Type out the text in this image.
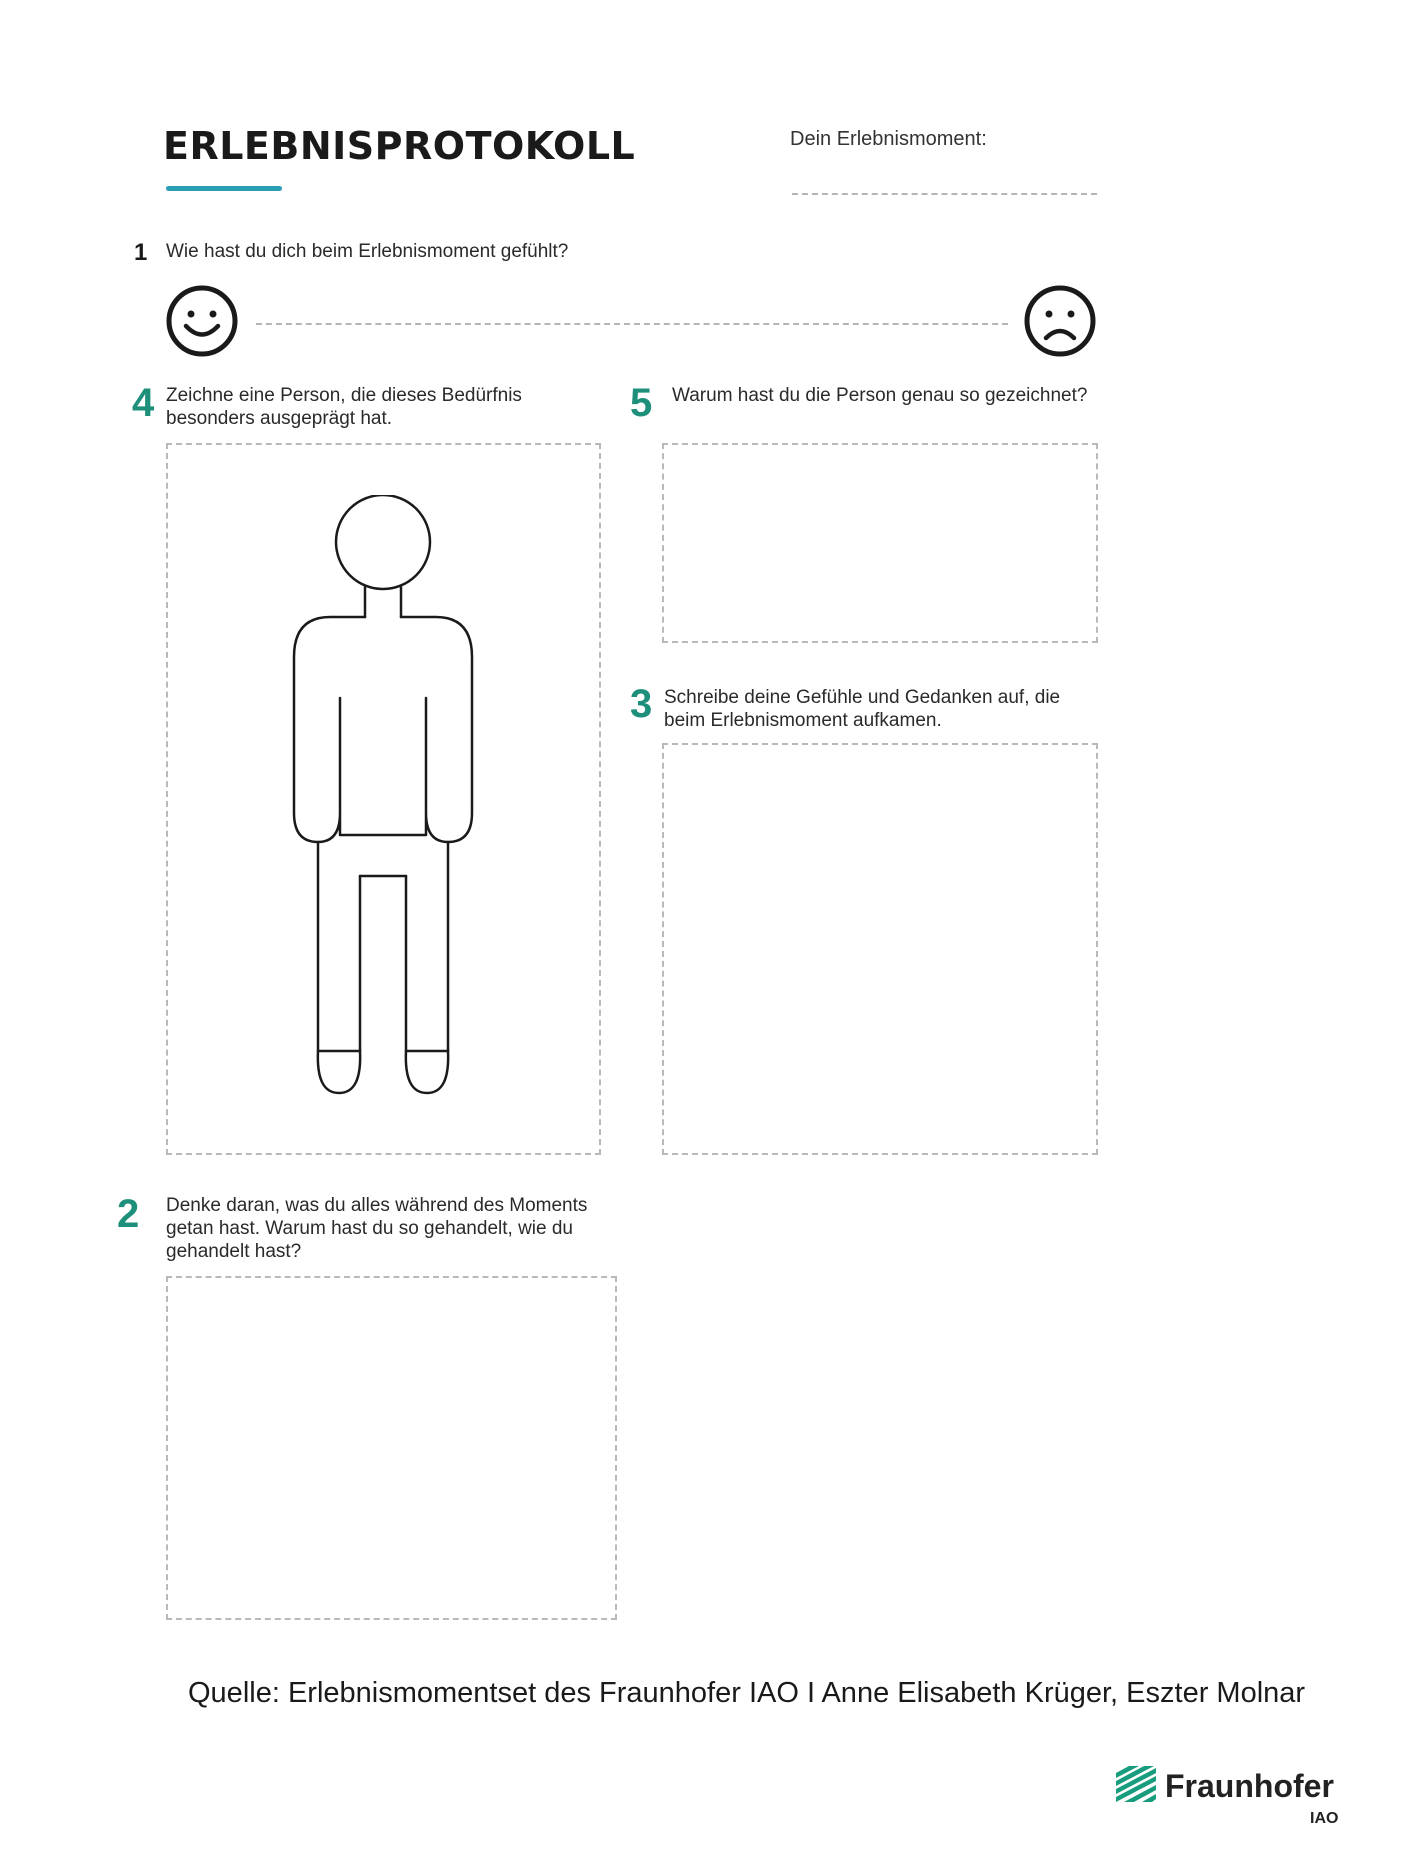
ERLEBNISPROTOKOLL	Dein Erlebnismoment:
1 Wie hast du dich beim Erlebnismoment gefühlt?
4 Zeichne eine Person, die dieses Bedürfnis
besonders ausgeprägt hat.	5 Warum hast du die Person genau so gezeichnet?
3 Schreibe deine Gefühle und Gedanken auf, die
beim Erlebnismoment aufkamen.
2 Denke daran, was du alles während des Moments
getan hast. Warum hast du so gehandelt, wie du
gehandelt hast?
Quelle: Erlebnismomentset des Fraunhofer IAO I Anne Elisabeth Krüger, Eszter Molnar
Fraunhofer
IAO
